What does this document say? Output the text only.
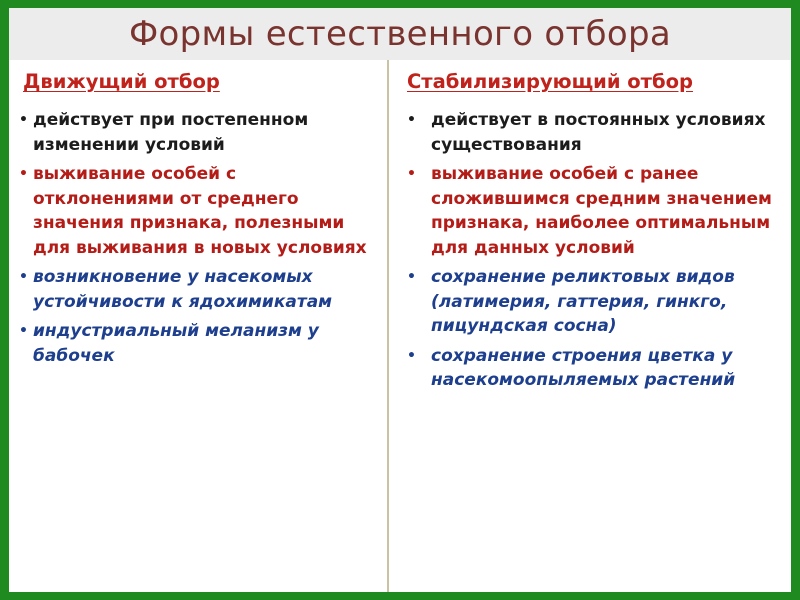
Формы естественного отбора
Движущий отбор
• действует при постепенном изменении условий
• выживание особей с отклонениями от среднего значения признака, полезными для выживания в новых условиях
• возникновение у насекомых устойчивости к ядохимикатам
• индустриальный меланизм у бабочек
Стабилизирующий отбор
• действует в постоянных условиях существования
• выживание особей с ранее сложившимся средним значением признака, наиболее оптимальным для данных условий
• сохранение реликтовых видов (латимерия, гаттерия, гинкго, пицундская сосна)
• сохранение строения цветка у насекомоопыляемых растений
